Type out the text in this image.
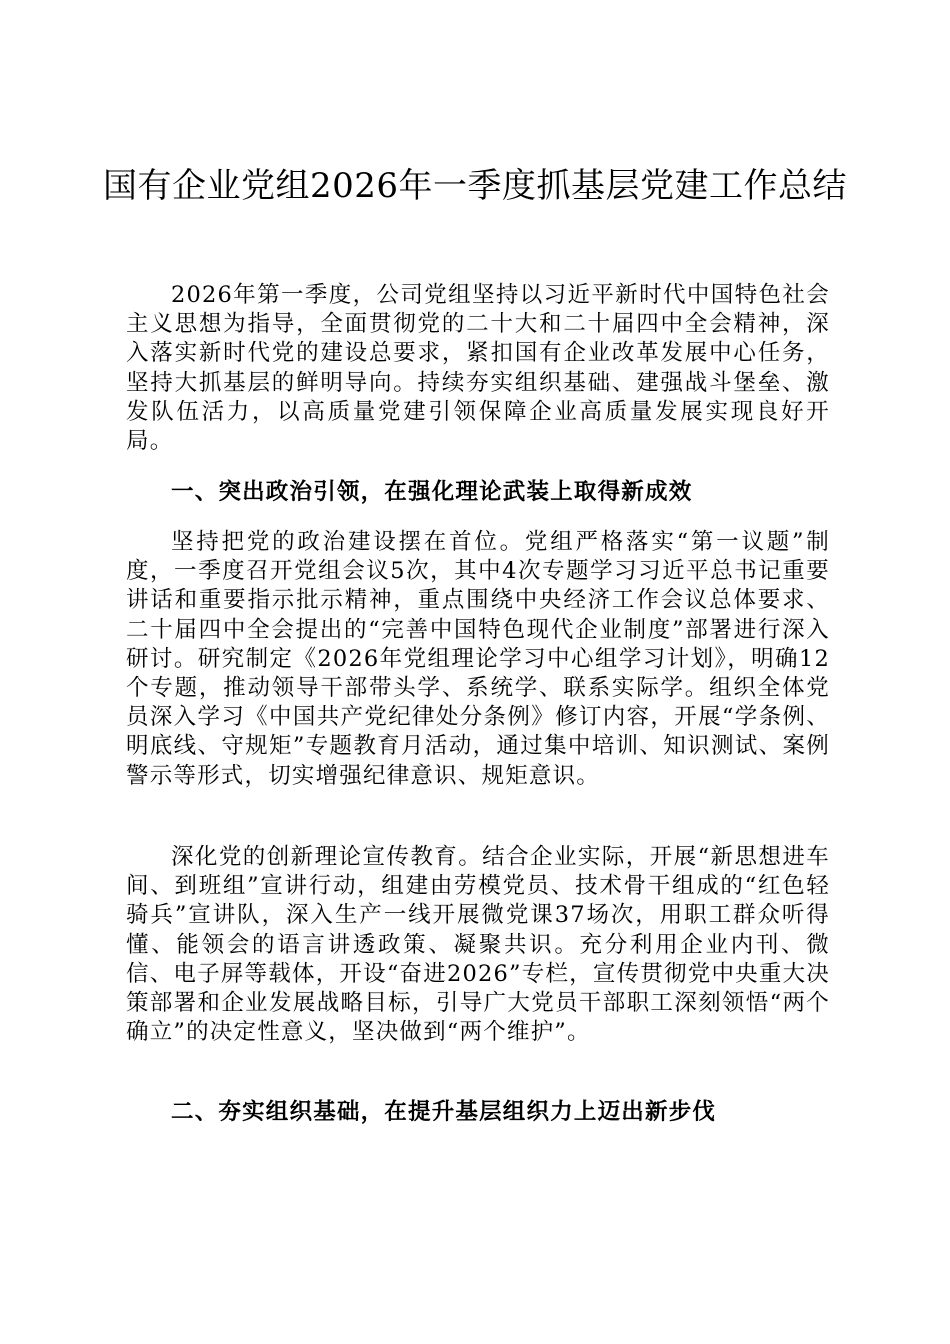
国有企业党组2026年一季度抓基层党建工作总结

2026年第一季度，公司党组坚持以习近平新时代中国特色社会主义思想为指导，全面贯彻党的二十大和二十届四中全会精神，深入落实新时代党的建设总要求，紧扣国有企业改革发展中心任务，坚持大抓基层的鲜明导向。持续夯实组织基础、建强战斗堡垒、激发队伍活力，以高质量党建引领保障企业高质量发展实现良好开局。

一、突出政治引领，在强化理论武装上取得新成效

坚持把党的政治建设摆在首位。党组严格落实“第一议题”制度，一季度召开党组会议5次，其中4次专题学习习近平总书记重要讲话和重要指示批示精神，重点围绕中央经济工作会议总体要求、二十届四中全会提出的“完善中国特色现代企业制度”部署进行深入研讨。研究制定《2026年党组理论学习中心组学习计划》，明确12个专题，推动领导干部带头学、系统学、联系实际学。组织全体党员深入学习《中国共产党纪律处分条例》修订内容，开展“学条例、明底线、守规矩”专题教育月活动，通过集中培训、知识测试、案例警示等形式，切实增强纪律意识、规矩意识。

深化党的创新理论宣传教育。结合企业实际，开展“新思想进车间、到班组”宣讲行动，组建由劳模党员、技术骨干组成的“红色轻骑兵”宣讲队，深入生产一线开展微党课37场次，用职工群众听得懂、能领会的语言讲透政策、凝聚共识。充分利用企业内刊、微信、电子屏等载体，开设“奋进2026”专栏，宣传贯彻党中央重大决策部署和企业发展战略目标，引导广大党员干部职工深刻领悟“两个确立”的决定性意义，坚决做到“两个维护”。

二、夯实组织基础，在提升基层组织力上迈出新步伐
